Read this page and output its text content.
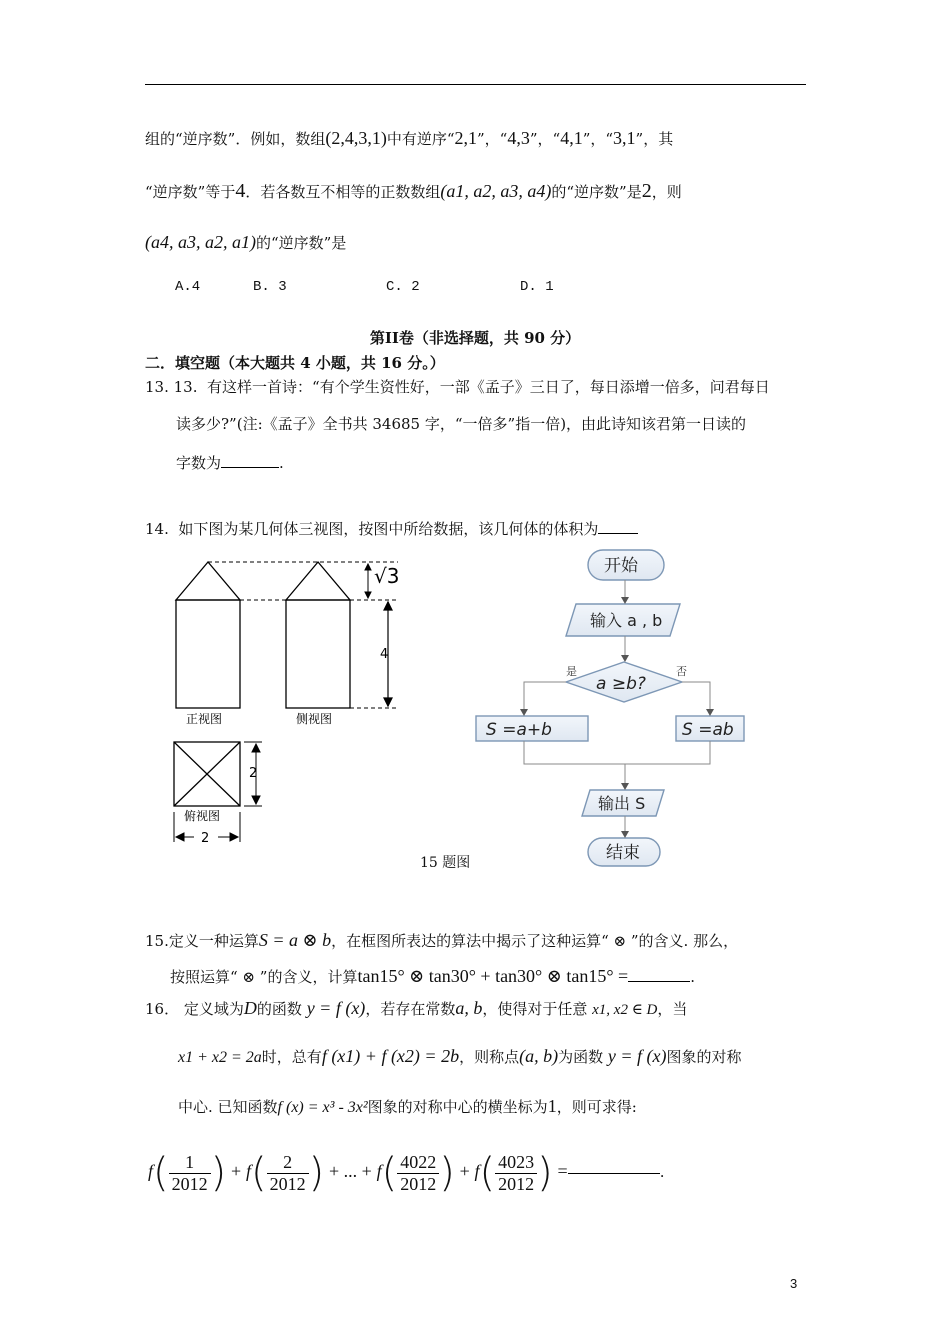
组的“逆序数”．例如，数组(2,4,3,1)中有逆序“2,1”，“4,3”，“4,1”，“3,1”，其
“逆序数”等于4．若各数互不相等的正数数组(a1, a2, a3, a4)的“逆序数”是2，则
(a4, a3, a2, a1)的“逆序数”是
A.4	B. 3	C. 2	D. 1
第II卷（非选择题，共 90 分）
二．填空题（本大题共 4 小题，共 16 分。）
13. 13. 有这样一首诗：“有个学生资性好，一部《孟子》三日了，每日添增一倍多，问君每日
读多少?”(注:《孟子》全书共 34685 字，“一倍多”指一倍)，由此诗知该君第一日读的
字数为	.
14. 如下图为某几何体三视图，按图中所给数据，该几何体的体积为
√3
4
正视图	侧视图
2
俯视图
2
开始
输入 a , b
a ≥b?
是	否
S =a+b	S =ab
输出 S
结束
15 题图
15.定义一种运算S = a ⊗ b，在框图所表达的算法中揭示了这种运算“ ⊗ ”的含义. 那么，
按照运算“ ⊗ ”的含义，计算tan15° ⊗ tan30° + tan30° ⊗ tan15° =	.
16． 定义域为D的函数 y = f (x)，若存在常数a, b，使得对于任意 x1, x2 ∈ D，当
x1 + x2 = 2a时，总有f (x1) + f (x2) = 2b，则称点(a, b)为函数 y = f (x)图象的对称
中心. 已知函数f (x) = x³ - 3x²图象的对称中心的横坐标为1，则可求得:
$f( \frac{1}{2012}$ ) + $f( \frac{2}{2012}$ ) + ... + $f( \frac{4022}{2012}$ ) + $f( \frac{4023}{2012}$ ) =	.
3
